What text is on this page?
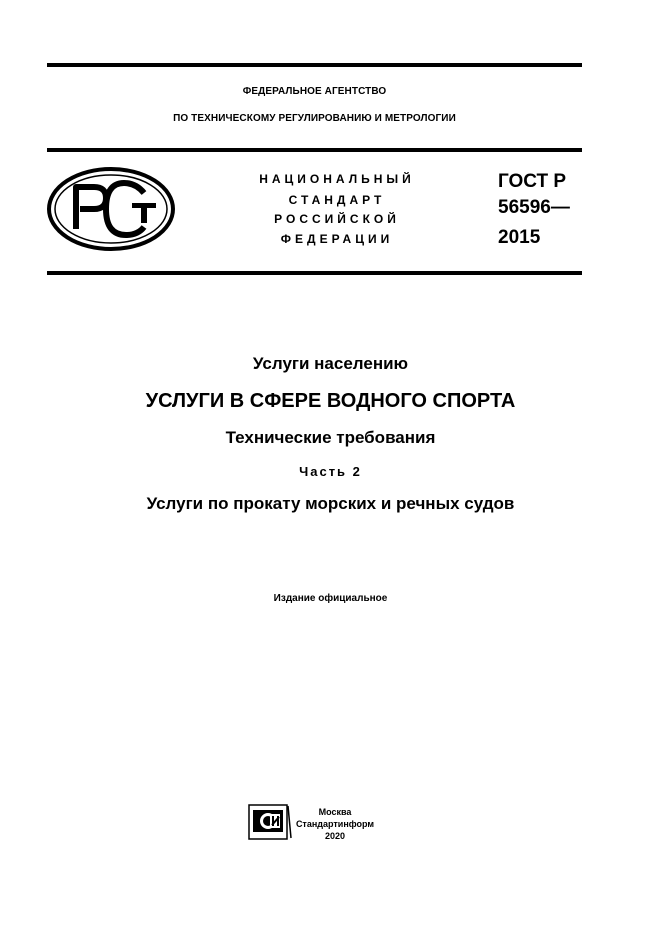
ФЕДЕРАЛЬНОЕ АГЕНТСТВО
ПО ТЕХНИЧЕСКОМУ РЕГУЛИРОВАНИЮ И МЕТРОЛОГИИ
НАЦИОНАЛЬНЫЙ
СТАНДАРТ
РОССИЙСКОЙ
ФЕДЕРАЦИИ
ГОСТ Р
56596—
2015
Услуги населению
УСЛУГИ В СФЕРЕ ВОДНОГО СПОРТА
Технические требования
Часть 2
Услуги по прокату морских и речных судов
Издание официальное
Москва
Стандартинформ
2020
